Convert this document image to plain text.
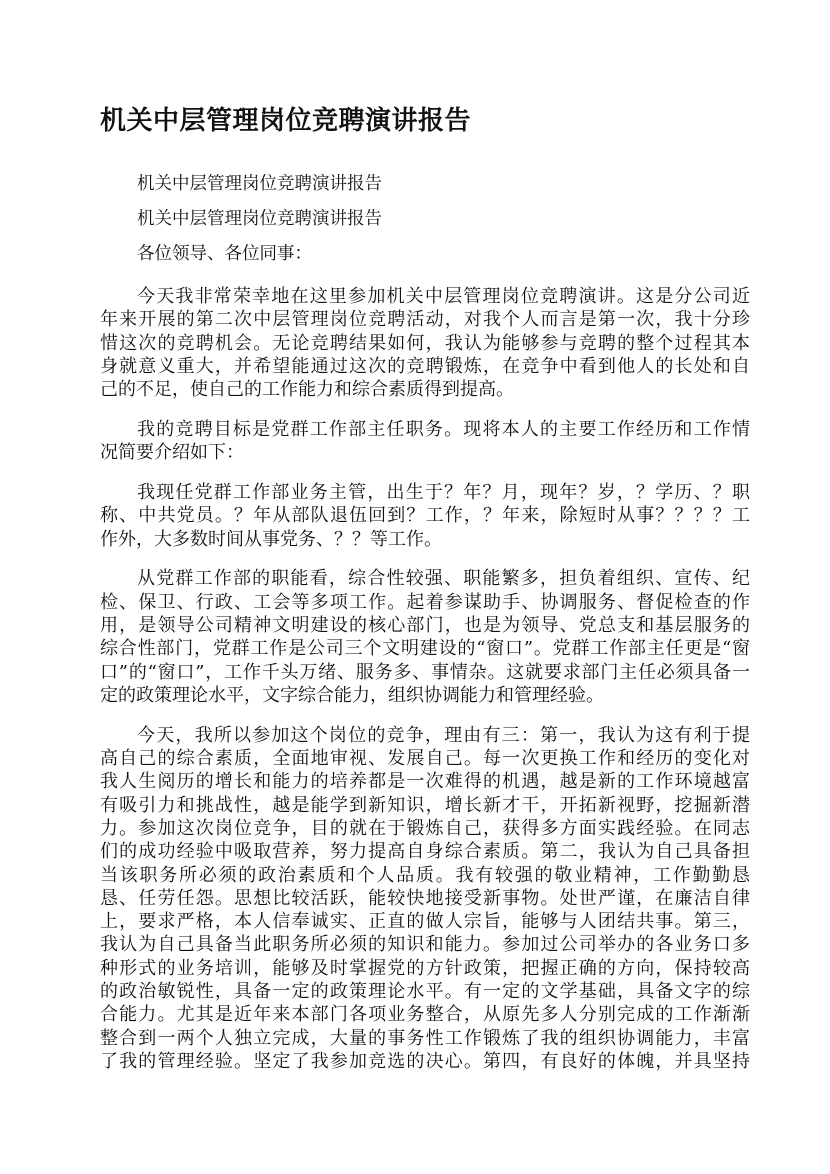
机关中层管理岗位竞聘演讲报告
机关中层管理岗位竞聘演讲报告
机关中层管理岗位竞聘演讲报告
各位领导、各位同事：
今天我非常荣幸地在这里参加机关中层管理岗位竞聘演讲。这是分公司近
年来开展的第二次中层管理岗位竞聘活动，对我个人而言是第一次，我十分珍
惜这次的竞聘机会。无论竞聘结果如何，我认为能够参与竞聘的整个过程其本
身就意义重大，并希望能通过这次的竞聘锻炼，在竞争中看到他人的长处和自
己的不足，使自己的工作能力和综合素质得到提高。
我的竞聘目标是党群工作部主任职务。现将本人的主要工作经历和工作情
况简要介绍如下：
我现任党群工作部业务主管，出生于？年？月，现年？岁，？学历、？职
称、中共党员。？年从部队退伍回到？工作，？年来，除短时从事？？？？工
作外，大多数时间从事党务、？？等工作。
从党群工作部的职能看，综合性较强、职能繁多，担负着组织、宣传、纪
检、保卫、行政、工会等多项工作。起着参谋助手、协调服务、督促检查的作
用，是领导公司精神文明建设的核心部门，也是为领导、党总支和基层服务的
综合性部门，党群工作是公司三个文明建设的“窗口”。党群工作部主任更是“窗
口”的“窗口”，工作千头万绪、服务多、事情杂。这就要求部门主任必须具备一
定的政策理论水平，文字综合能力，组织协调能力和管理经验。
今天，我所以参加这个岗位的竞争，理由有三：第一，我认为这有利于提
高自己的综合素质，全面地审视、发展自己。每一次更换工作和经历的变化对
我人生阅历的增长和能力的培养都是一次难得的机遇，越是新的工作环境越富
有吸引力和挑战性，越是能学到新知识，增长新才干，开拓新视野，挖掘新潜
力。参加这次岗位竞争，目的就在于锻炼自己，获得多方面实践经验。在同志
们的成功经验中吸取营养，努力提高自身综合素质。第二，我认为自己具备担
当该职务所必须的政治素质和个人品质。我有较强的敬业精神，工作勤勤恳
恳、任劳任怨。思想比较活跃，能较快地接受新事物。处世严谨，在廉洁自律
上，要求严格，本人信奉诚实、正直的做人宗旨，能够与人团结共事。第三，
我认为自己具备当此职务所必须的知识和能力。参加过公司举办的各业务口多
种形式的业务培训，能够及时掌握党的方针政策，把握正确的方向，保持较高
的政治敏锐性，具备一定的政策理论水平。有一定的文学基础，具备文字的综
合能力。尤其是近年来本部门各项业务整合，从原先多人分别完成的工作渐渐
整合到一两个人独立完成，大量的事务性工作锻炼了我的组织协调能力，丰富
了我的管理经验。坚定了我参加竞选的决心。第四，有良好的体魄，并具坚持
